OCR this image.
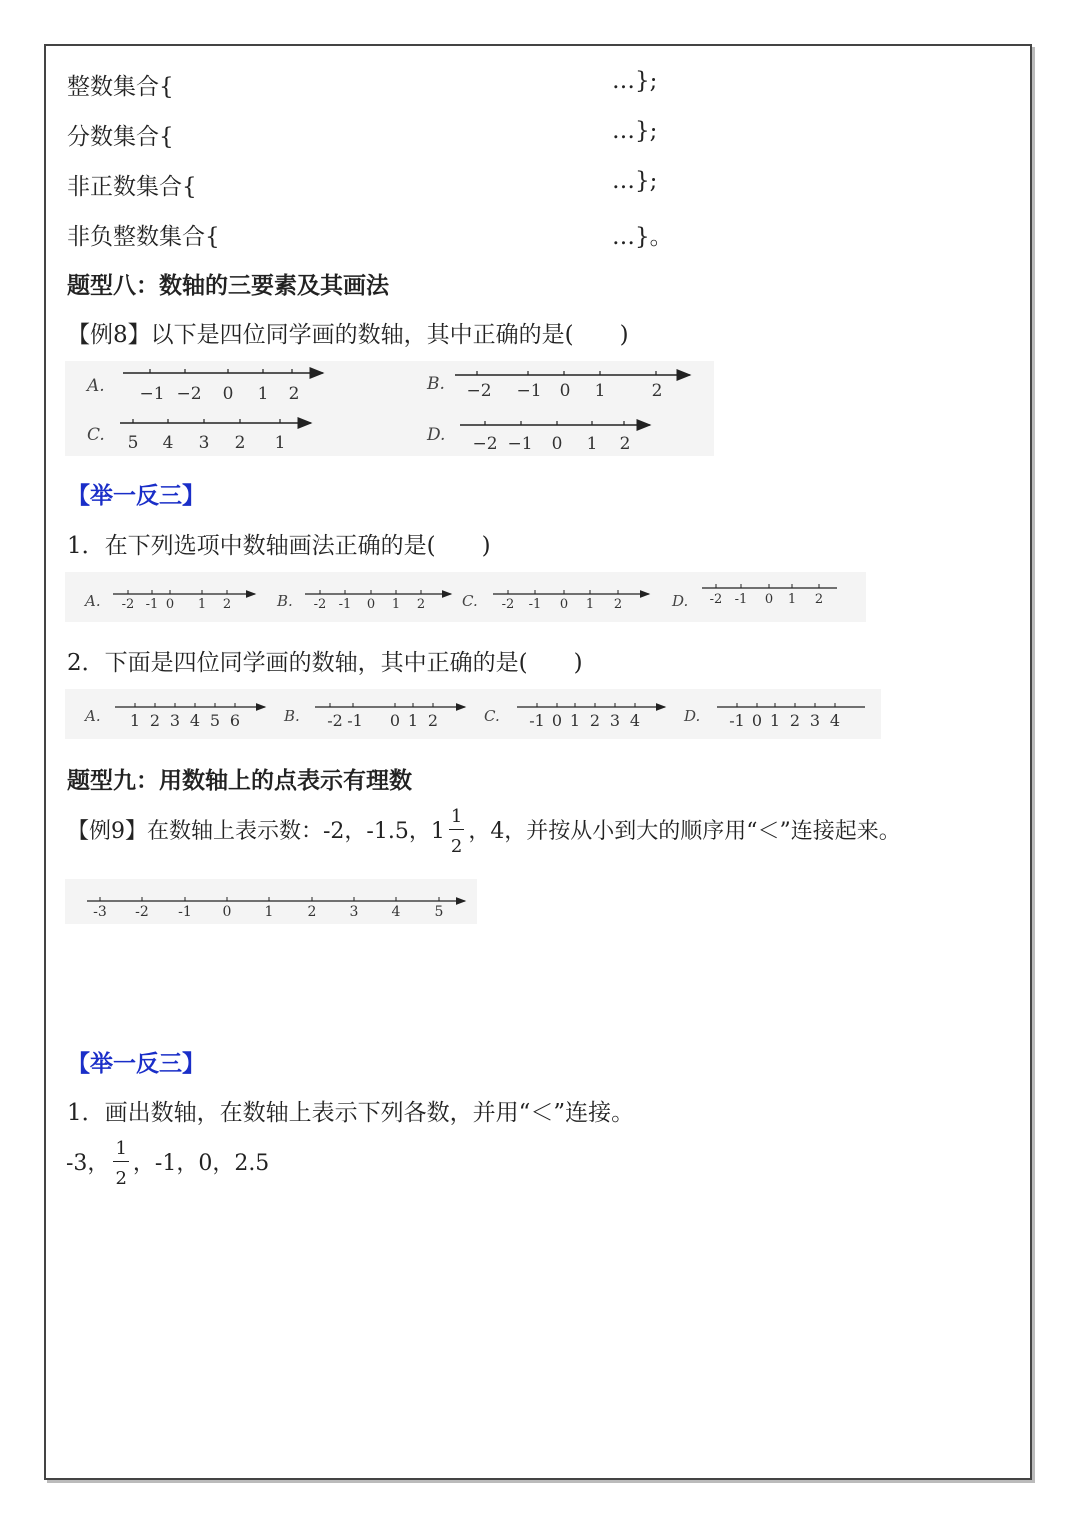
整数集合{	…};
分数集合{	…};
非正数集合{	…};
非负整数集合{	…}。
题型八：数轴的三要素及其画法
【例8】以下是四位同学画的数轴，其中正确的是(　　)
A. −1 −2 0 1 2	B. −2 −1 0 1	2
C. 5 4 3 2 1	D. −2 −1 0 1 2
【举一反三】
1．在下列选项中数轴画法正确的是(　　)
A. -2 -1 0 1 2	B. -2 -1 0 1 2 C. -2 -1 0 1 2	D. -2 -1 0 1 2
2．下面是四位同学画的数轴，其中正确的是(　　)
A. 1 2 3 4 5 6	B. -2 -1 0 1 2	C. -1 0 1 2 3 4	D. -1 0 1 2 3 4
题型九：用数轴上的点表示有理数
【例9】在数轴上表示数：-2，-1.5，$1 \frac{1}{2}$ ，4，并按从小到大的顺序用“＜”连接起来。
-3 -2 -1 0 1 2 3 4 5
【举一反三】
1．画出数轴，在数轴上表示下列各数，并用“＜”连接。
-3， $\frac{1}{2}$ ，-1，0，2.5
